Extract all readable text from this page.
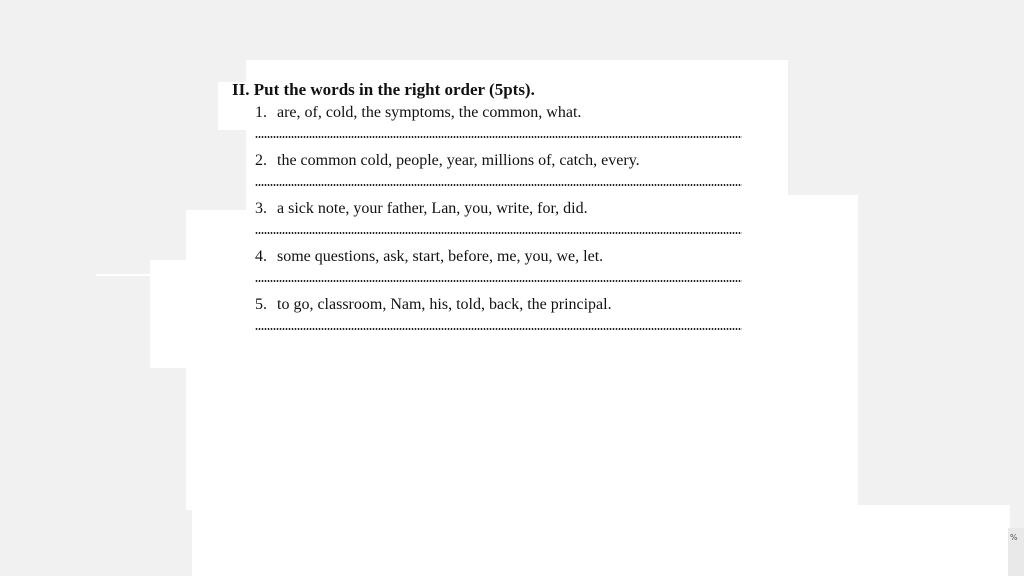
%
II. Put the words in the right order (5pts).
1. are, of, cold, the symptoms, the common, what.
2. the common cold, people, year, millions of, catch, every.
3. a sick note, your father, Lan, you, write, for, did.
4. some questions, ask, start, before, me, you, we, let.
5. to go, classroom, Nam, his, told, back, the principal.
